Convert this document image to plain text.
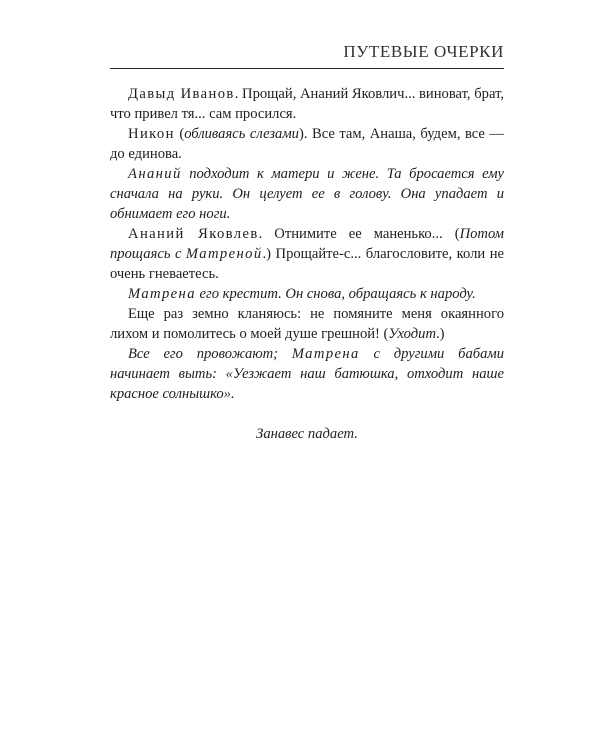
ПУТЕВЫЕ ОЧЕРКИ

Давыд Иванов. Прощай, Ананий Яковлич... виноват, брат, что привел тя... сам просился.

Никон (обливаясь слезами). Все там, Анаша, будем, все — до единова.

Ананий подходит к матери и жене. Та бросается ему сначала на руки. Он целует ее в голову. Она упадает и обнимает его ноги.

Ананий Яковлев. Отнимите ее маненько... (Потом прощаясь с Матреной.) Прощайте-с... благословите, коли не очень гневаетесь.

Матрена его крестит. Он снова, обращаясь к народу.

Еще раз земно кланяюсь: не помяните меня окаянного лихом и помолитесь о моей душе грешной! (Уходит.)

Все его провожают; Матрена с другими бабами начинает выть: «Уезжает наш батюшка, отходит наше красное солнышко».

Занавес падает.
